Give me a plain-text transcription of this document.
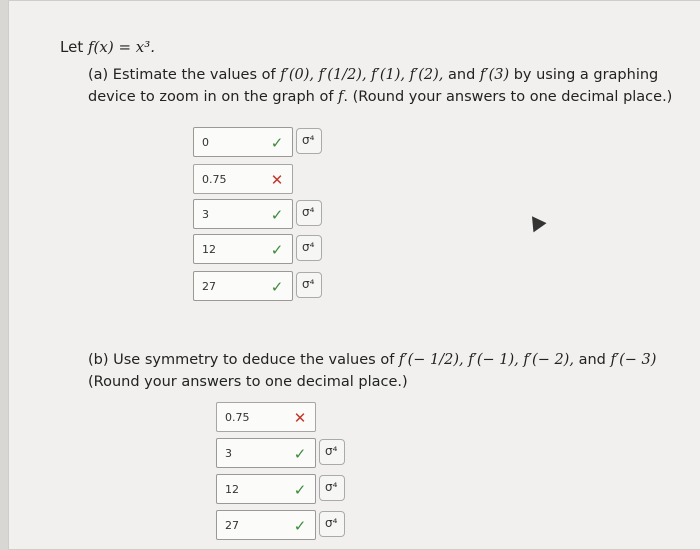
Let f(x) = x³.
(a) Estimate the values of f′(0), f′(1/2), f′(1), f′(2), and f′(3) by using a graphing
device to zoom in on the graph of f. (Round your answers to one decimal place.)
0	✓ σ⁴
0.75	✕
3	✓ σ⁴
12	✓ σ⁴
27	✓ σ⁴
(b) Use symmetry to deduce the values of f′(− 1/2), f′(− 1), f′(− 2), and f′(− 3)
(Round your answers to one decimal place.)
0.75	✕
3	✓ σ⁴
12	✓ σ⁴
27	✓ σ⁴
